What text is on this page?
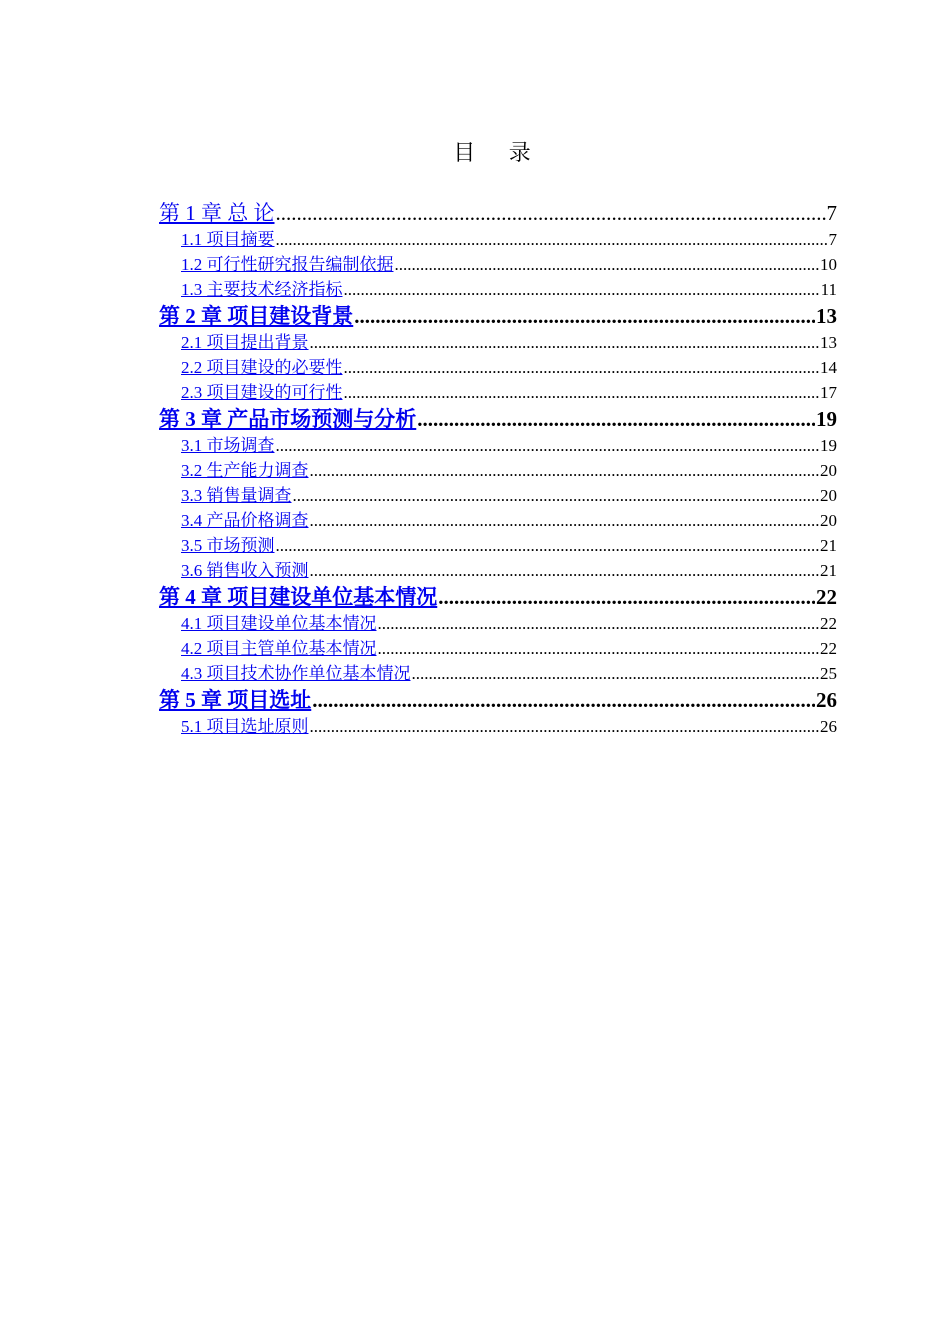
目 录
第 1 章 总 论 .....	7
1.1 项目摘要 .....	7
1.2 可行性研究报告编制依据 .....	10
1.3 主要技术经济指标 .....	11
第 2 章 项目建设背景 .....	13
2.1 项目提出背景 .....	13
2.2 项目建设的必要性 .....	14
2.3 项目建设的可行性 .....	17
第 3 章 产品市场预测与分析 .....	19
3.1 市场调查 .....	19
3.2 生产能力调查 .....	20
3.3 销售量调查 .....	20
3.4 产品价格调查 .....	20
3.5 市场预测 .....	21
3.6 销售收入预测 .....	21
第 4 章 项目建设单位基本情况 .....	22
4.1 项目建设单位基本情况 .....	22
4.2 项目主管单位基本情况 .....	22
4.3 项目技术协作单位基本情况 .....	25
第 5 章 项目选址 .....	26
5.1 项目选址原则 .....	26
